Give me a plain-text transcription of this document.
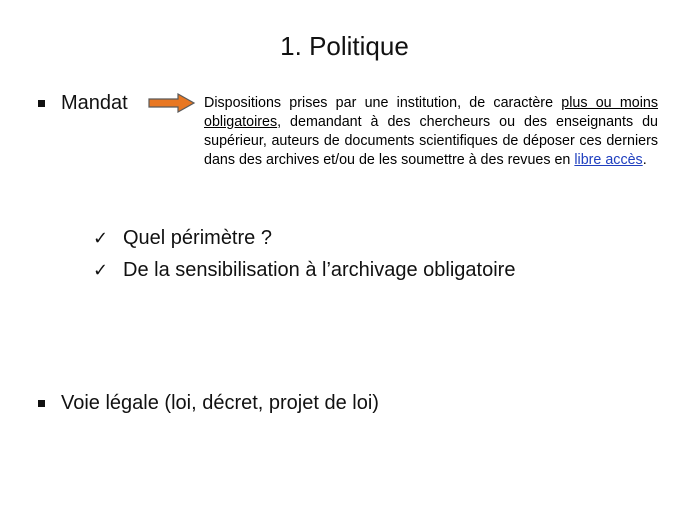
1. Politique
Mandat	Dispositions prises par une institution, de caractère plus ou moins obligatoires, demandant à des chercheurs ou des enseignants du supérieur, auteurs de documents scientifiques de déposer ces derniers dans des archives et/ou de les soumettre à des revues en libre accès.
✓ Quel périmètre ?
✓ De la sensibilisation à l’archivage obligatoire
Voie légale (loi, décret, projet de loi)
